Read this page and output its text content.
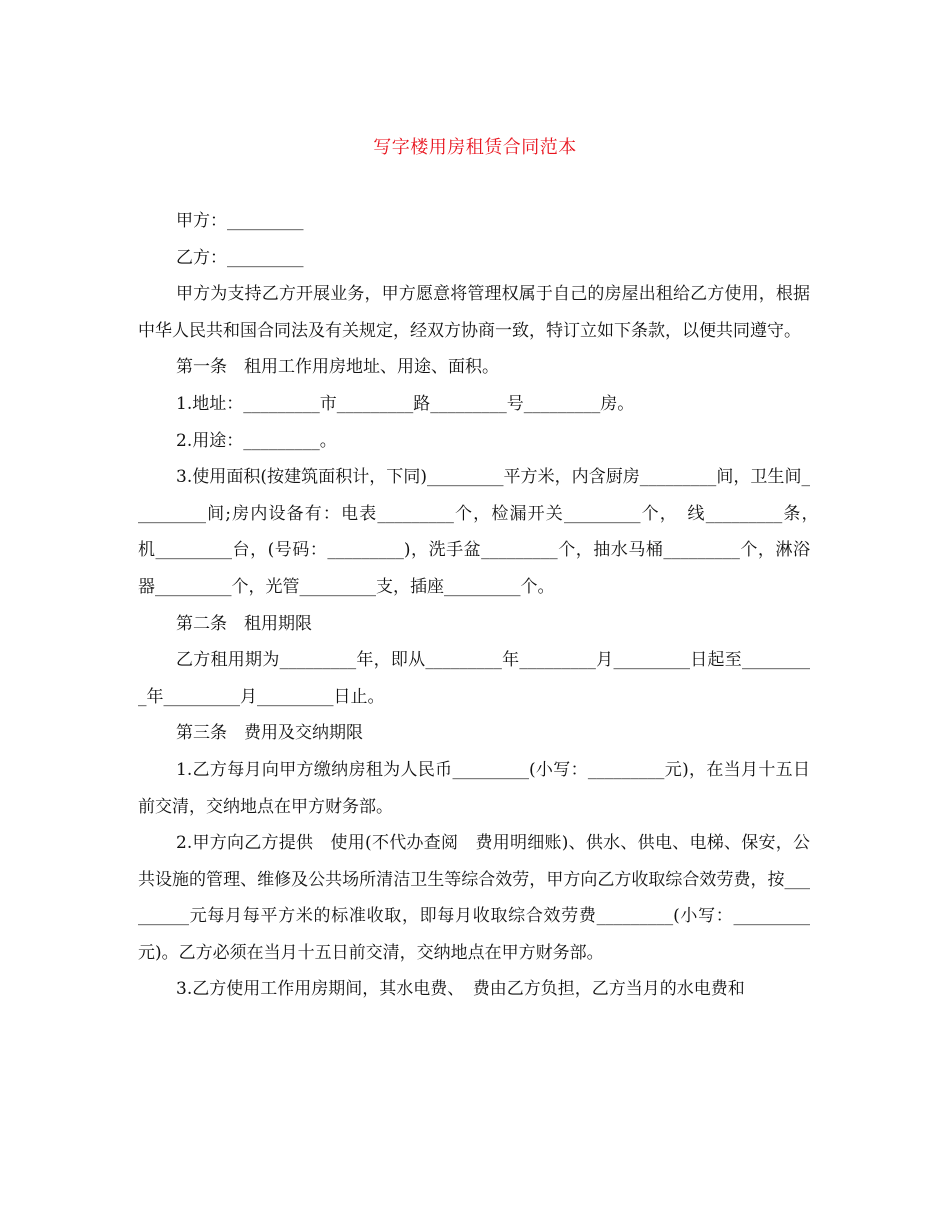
写字楼用房租赁合同范本

甲方：_________

乙方：_________

甲方为支持乙方开展业务，甲方愿意将管理权属于自己的房屋出租给乙方使用，根据中华人民共和国合同法及有关规定，经双方协商一致，特订立如下条款，以便共同遵守。

第一条　租用工作用房地址、用途、面积。

1.地址：_________市_________路_________号_________房。

2.用途：_________。

3.使用面积(按建筑面积计，下同)_________平方米，内含厨房_________间，卫生间_________间;房内设备有：电表_________个，检漏开关_________个，　线_________条，　机_________台，(号码：_________)，洗手盆_________个，抽水马桶_________个，淋浴器_________个，光管_________支，插座_________个。

第二条　租用期限

乙方租用期为_________年，即从_________年_________月_________日起至_________年_________月_________日止。

第三条　费用及交纳期限

1.乙方每月向甲方缴纳房租为人民币_________(小写：_________元)，在当月十五日前交清，交纳地点在甲方财务部。

2.甲方向乙方提供　使用(不代办查阅　费用明细账)、供水、供电、电梯、保安，公共设施的管理、维修及公共场所清洁卫生等综合效劳，甲方向乙方收取综合效劳费，按_________元每月每平方米的标准收取，即每月收取综合效劳费_________(小写：_________元)。乙方必须在当月十五日前交清，交纳地点在甲方财务部。

3.乙方使用工作用房期间，其水电费、　费由乙方负担，乙方当月的水电费和
